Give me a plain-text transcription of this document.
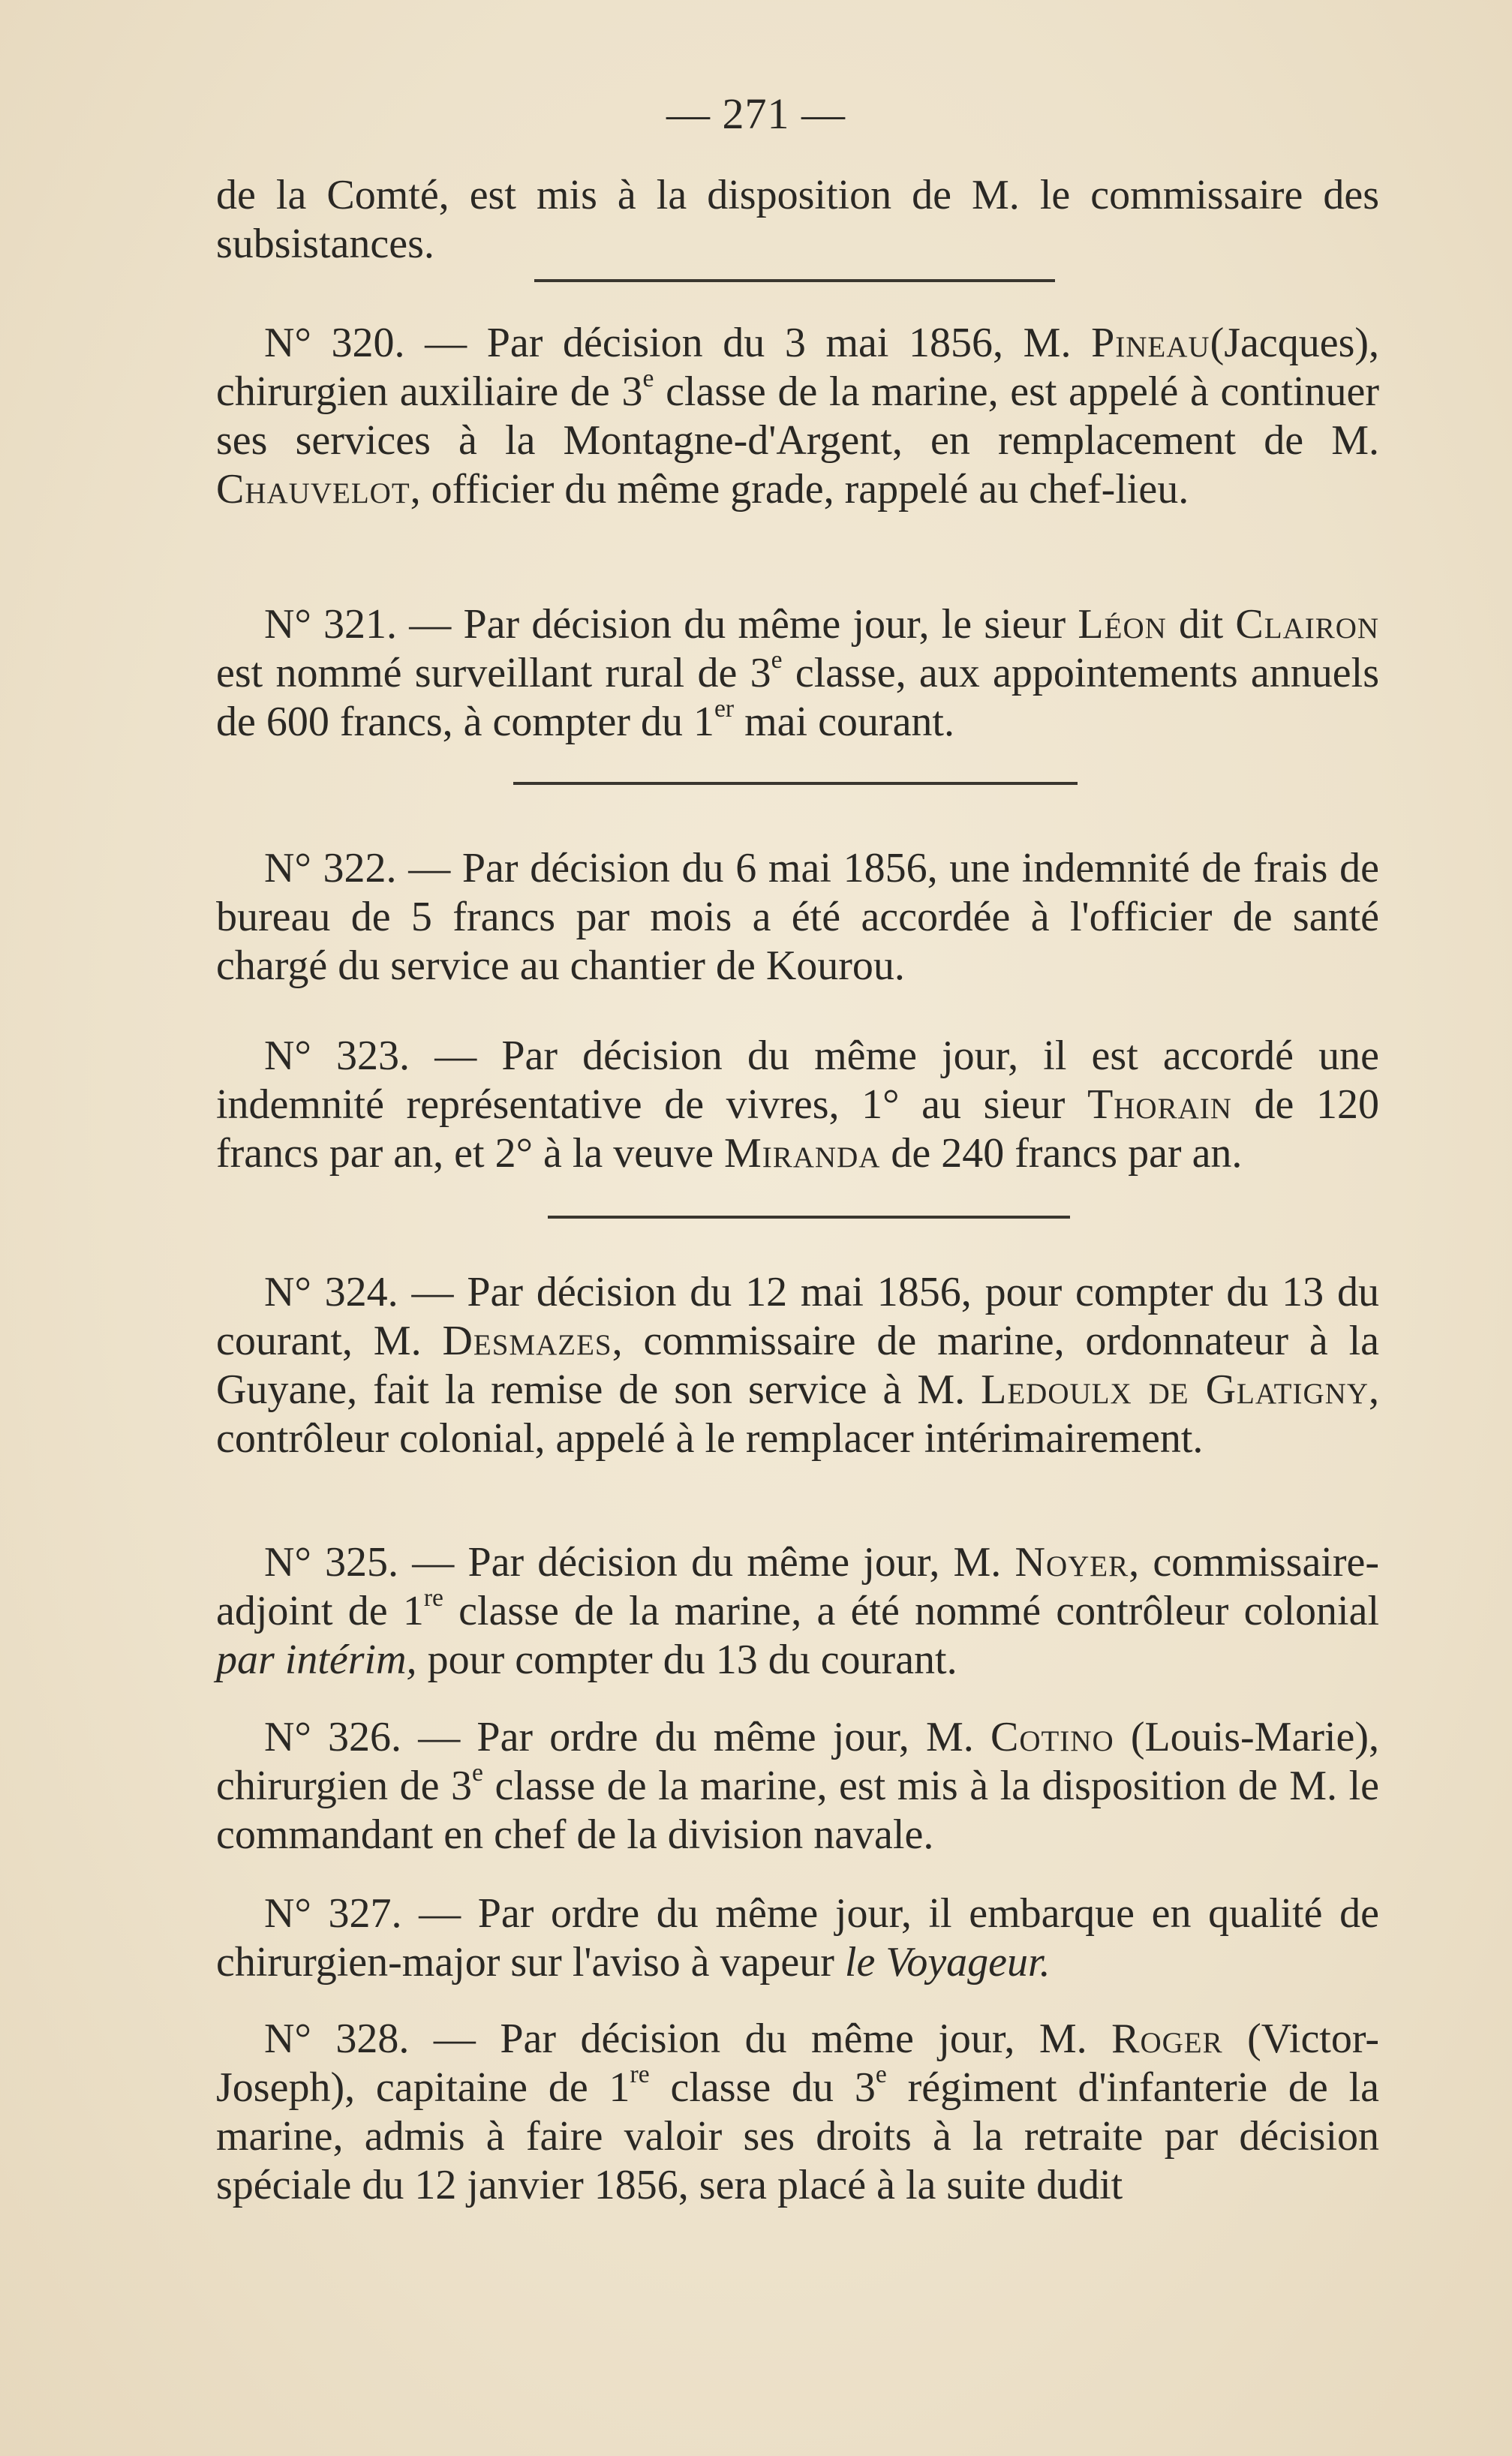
— 271 —

de la Comté, est mis à la disposition de M. le commissaire des subsistances.

N° 320. — Par décision du 3 mai 1856, M. Pineau(Jacques), chirurgien auxiliaire de 3e classe de la marine, est appelé à continuer ses services à la Montagne-d'Argent, en remplacement de M. Chauvelot, officier du même grade, rappelé au chef-lieu.

N° 321. — Par décision du même jour, le sieur Léon dit Clairon est nommé surveillant rural de 3e classe, aux appointements annuels de 600 francs, à compter du 1er mai courant.

N° 322. — Par décision du 6 mai 1856, une indemnité de frais de bureau de 5 francs par mois a été accordée à l'officier de santé chargé du service au chantier de Kourou.

N° 323. — Par décision du même jour, il est accordé une indemnité représentative de vivres, 1° au sieur Thorain de 120 francs par an, et 2° à la veuve Miranda de 240 francs par an.

N° 324. — Par décision du 12 mai 1856, pour compter du 13 du courant, M. Desmazes, commissaire de marine, ordonnateur à la Guyane, fait la remise de son service à M. Ledoulx de Glatigny, contrôleur colonial, appelé à le remplacer intérimairement.

N° 325. — Par décision du même jour, M. Noyer, commissaire-adjoint de 1re classe de la marine, a été nommé contrôleur colonial par intérim, pour compter du 13 du courant.

N° 326. — Par ordre du même jour, M. Cotino (Louis-Marie), chirurgien de 3e classe de la marine, est mis à la disposition de M. le commandant en chef de la division navale.

N° 327. — Par ordre du même jour, il embarque en qualité de chirurgien-major sur l'aviso à vapeur le Voyageur.

N° 328. — Par décision du même jour, M. Roger (Victor-Joseph), capitaine de 1re classe du 3e régiment d'infanterie de la marine, admis à faire valoir ses droits à la retraite par décision spéciale du 12 janvier 1856, sera placé à la suite dudit
